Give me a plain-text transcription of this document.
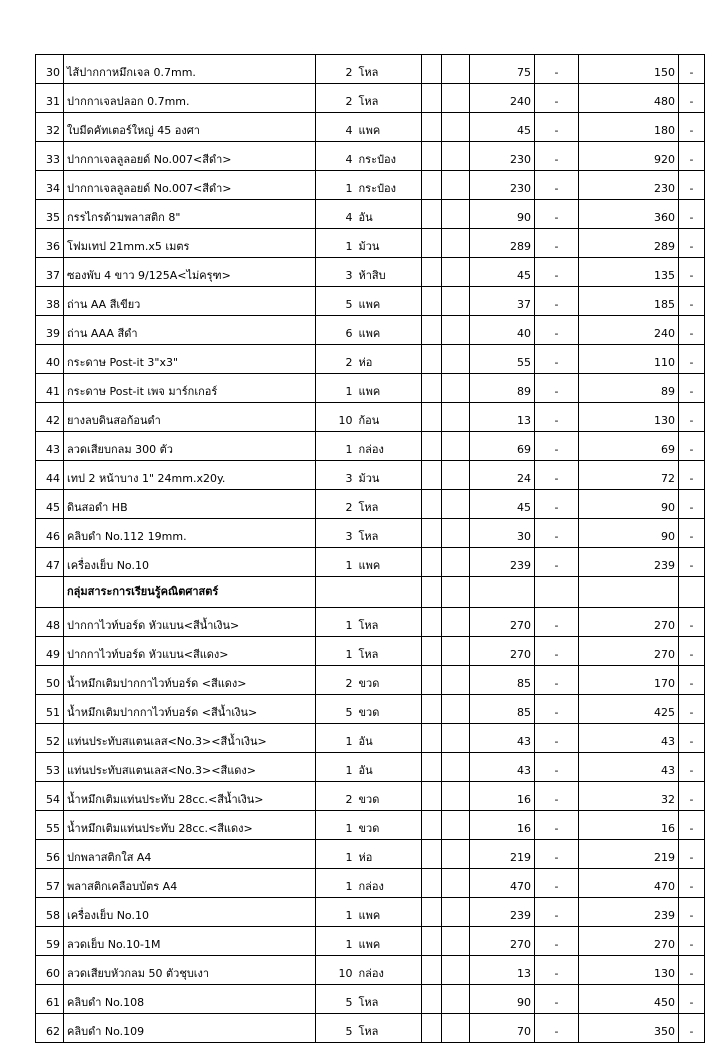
30	ไส้ปากกาหมึกเจล 0.7mm.	2	โหล			75	-	150	-
31	ปากกาเจลปลอก 0.7mm.	2	โหล			240	-	480	-
32	ใบมีดคัทเตอร์ใหญ่ 45 องศา	4	แพค			45	-	180	-
33	ปากกาเจลลูลอยด์ No.007<สีดำ>	4	กระป๋อง			230	-	920	-
34	ปากกาเจลลูลอยด์ No.007<สีดำ>	1	กระป๋อง			230	-	230	-
35	กรรไกรด้ามพลาสติก 8"	4	อัน			90	-	360	-
36	โฟมเทป 21mm.x5 เมตร	1	ม้วน			289	-	289	-
37	ซองพับ 4 ขาว 9/125A<ไม่ครุฑ>	3	ห้าสิบ			45	-	135	-
38	ถ่าน AA สีเขียว	5	แพค			37	-	185	-
39	ถ่าน AAA สีดำ	6	แพค			40	-	240	-
40	กระดาษ Post-it 3"x3"	2	ห่อ			55	-	110	-
41	กระดาษ Post-it เพจ มาร์กเกอร์	1	แพค			89	-	89	-
42	ยางลบดินสอก้อนดำ	10	ก้อน			13	-	130	-
43	ลวดเสียบกลม 300 ตัว	1	กล่อง			69	-	69	-
44	เทป 2 หน้าบาง 1" 24mm.x20y.	3	ม้วน			24	-	72	-
45	ดินสอดำ HB	2	โหล			45	-	90	-
46	คลิบดำ No.112 19mm.	3	โหล			30	-	90	-
47	เครื่องเย็บ No.10	1	แพค			239	-	239	-
	กลุ่มสาระการเรียนรู้คณิตศาสตร์								
48	ปากกาไวท์บอร์ด หัวแบน<สีน้ำเงิน>	1	โหล			270	-	270	-
49	ปากกาไวท์บอร์ด หัวแบน<สีแดง>	1	โหล			270	-	270	-
50	น้ำหมึกเติมปากกาไวท์บอร์ด <สีแดง>	2	ขวด			85	-	170	-
51	น้ำหมึกเติมปากกาไวท์บอร์ด <สีน้ำเงิน>	5	ขวด			85	-	425	-
52	แท่นประทับสแตนเลส<No.3><สีน้ำเงิน>	1	อัน			43	-	43	-
53	แท่นประทับสแตนเลส<No.3><สีแดง>	1	อัน			43	-	43	-
54	น้ำหมึกเติมแท่นประทับ 28cc.<สีน้ำเงิน>	2	ขวด			16	-	32	-
55	น้ำหมึกเติมแท่นประทับ 28cc.<สีแดง>	1	ขวด			16	-	16	-
56	ปกพลาสติกใส A4	1	ห่อ			219	-	219	-
57	พลาสติกเคลือบบัตร A4	1	กล่อง			470	-	470	-
58	เครื่องเย็บ No.10	1	แพค			239	-	239	-
59	ลวดเย็บ No.10-1M	1	แพค			270	-	270	-
60	ลวดเสียบหัวกลม 50 ตัวชุบเงา	10	กล่อง			13	-	130	-
61	คลิบดำ No.108	5	โหล			90	-	450	-
62	คลิบดำ No.109	5	โหล			70	-	350	-
